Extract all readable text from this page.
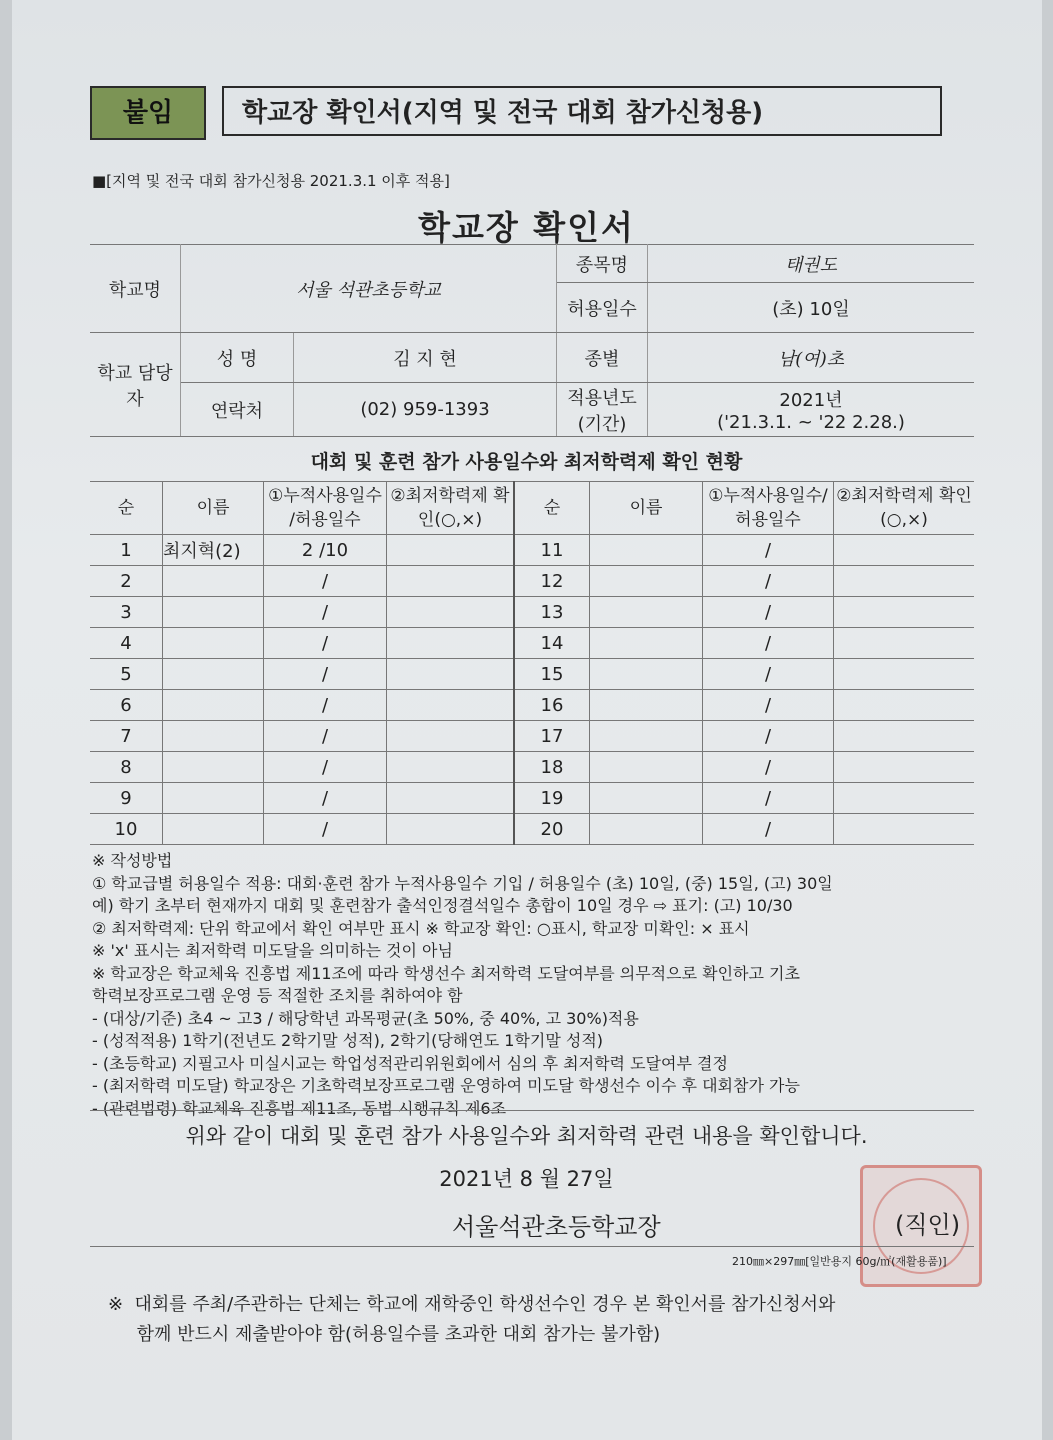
붙임	학교장 확인서(지역 및 전국 대회 참가신청용)
■[지역 및 전국 대회 참가신청용 2021.3.1 이후 적용]
학교장 확인서
학교명	서울 석관초등학교		종목명	태권도
			허용일수	(초) 10일
학교 담당자	성 명	김 지 현	종별	남(여)초
	연락처	(02) 959-1393	적용년도 (기간)	2021년
('21.3.1. ~ '22 2.28.)
대회 및 훈련 참가 사용일수와 최저학력제 확인 현황
순	이름	①누적사용일수 /허용일수	②최저학력제 확인(○,×)	순	이름	①누적사용일수/ 허용일수	②최저학력제 확인(○,×)
1	최지혁(2)	2 /10		11		/	
2		/		12		/	
3		/		13		/	
4		/		14		/	
5		/		15		/	
6		/		16		/	
7		/		17		/	
8		/		18		/	
9		/		19		/	
10		/		20		/	
※ 작성방법
① 학교급별 허용일수 적용: 대회·훈련 참가 누적사용일수 기입 / 허용일수 (초) 10일, (중) 15일, (고) 30일
예) 학기 초부터 현재까지 대회 및 훈련참가 출석인정결석일수 총합이 10일 경우 ⇨ 표기: (고) 10/30
② 최저학력제: 단위 학교에서 확인 여부만 표시 ※ 학교장 확인: ○표시, 학교장 미확인: × 표시
※ 'x' 표시는 최저학력 미도달을 의미하는 것이 아님
※ 학교장은 학교체육 진흥법 제11조에 따라 학생선수 최저학력 도달여부를 의무적으로 확인하고 기초
학력보장프로그램 운영 등 적절한 조치를 취하여야 함
- (대상/기준) 초4 ~ 고3 / 해당학년 과목평균(초 50%, 중 40%, 고 30%)적용
- (성적적용) 1학기(전년도 2학기말 성적), 2학기(당해연도 1학기말 성적)
- (초등학교) 지필고사 미실시교는 학업성적관리위원회에서 심의 후 최저학력 도달여부 결정
- (최저학력 미도달) 학교장은 기초학력보장프로그램 운영하여 미도달 학생선수 이수 후 대회참가 가능
- (관련법령) 학교체육 진흥법 제11조, 동법 시행규칙 제6조
위와 같이 대회 및 훈련 참가 사용일수와 최저학력 관련 내용을 확인합니다.
2021년 8 월 27일
서울석관초등학교장	(직인)
210㎜×297㎜[일반용지 60g/㎡(재활용품)]
※  대회를 주최/주관하는 단체는 학교에 재학중인 학생선수인 경우 본 확인서를 참가신청서와
함께 반드시 제출받아야 함(허용일수를 초과한 대회 참가는 불가함)
